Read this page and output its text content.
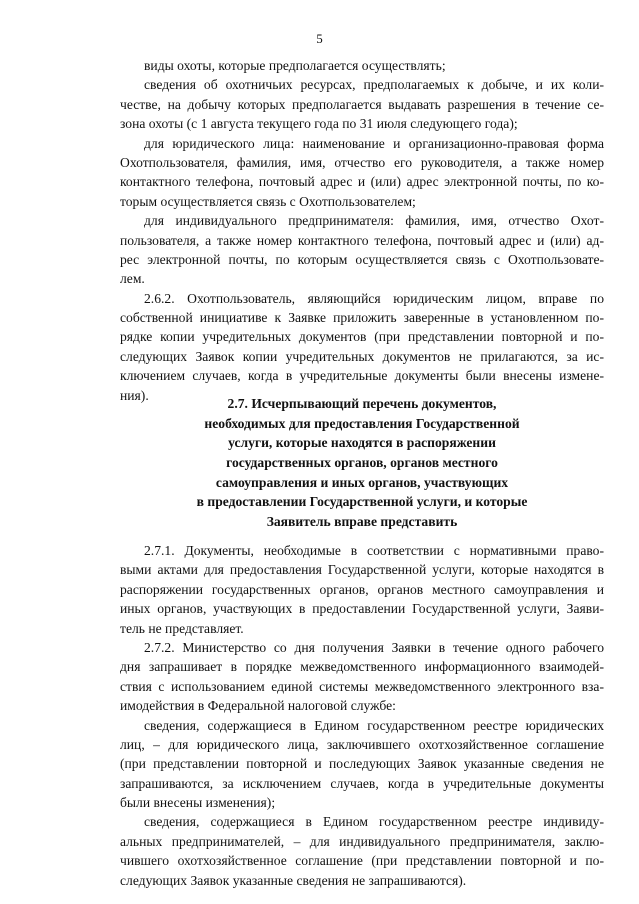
5
виды охоты, которые предполагается осуществлять;
сведения об охотничьих ресурсах, предполагаемых к добыче, и их коли-
честве, на добычу которых предполагается выдавать разрешения в течение се-
зона охоты (с 1 августа текущего года по 31 июля следующего года);
для юридического лица: наименование и организационно-правовая форма
Охотпользователя, фамилия, имя, отчество его руководителя, а также номер
контактного телефона, почтовый адрес и (или) адрес электронной почты, по ко-
торым осуществляется связь с Охотпользователем;
для индивидуального предпринимателя: фамилия, имя, отчество Охот-
пользователя, а также номер контактного телефона, почтовый адрес и (или) ад-
рес электронной почты, по которым осуществляется связь с Охотпользовате-
лем.
2.6.2. Охотпользователь, являющийся юридическим лицом, вправе по
собственной инициативе к Заявке приложить заверенные в установленном по-
рядке копии учредительных документов (при представлении повторной и по-
следующих Заявок копии учредительных документов не прилагаются, за ис-
ключением случаев, когда в учредительные документы были внесены измене-
ния).
2.7. Исчерпывающий перечень документов,
необходимых для предоставления Государственной
услуги, которые находятся в распоряжении
государственных органов, органов местного
самоуправления и иных органов, участвующих
в предоставлении Государственной услуги, и которые
Заявитель вправе представить
2.7.1. Документы, необходимые в соответствии с нормативными право-
выми актами для предоставления Государственной услуги, которые находятся в
распоряжении государственных органов, органов местного самоуправления и
иных органов, участвующих в предоставлении Государственной услуги, Заяви-
тель не представляет.
2.7.2. Министерство со дня получения Заявки в течение одного рабочего
дня запрашивает в порядке межведомственного информационного взаимодей-
ствия с использованием единой системы межведомственного электронного вза-
имодействия в Федеральной налоговой службе:
сведения, содержащиеся в Едином государственном реестре юридических
лиц, – для юридического лица, заключившего охотхозяйственное соглашение
(при представлении повторной и последующих Заявок указанные сведения не
запрашиваются, за исключением случаев, когда в учредительные документы
были внесены изменения);
сведения, содержащиеся в Едином государственном реестре индивиду-
альных предпринимателей, – для индивидуального предпринимателя, заклю-
чившего охотхозяйственное соглашение (при представлении повторной и по-
следующих Заявок указанные сведения не запрашиваются).
